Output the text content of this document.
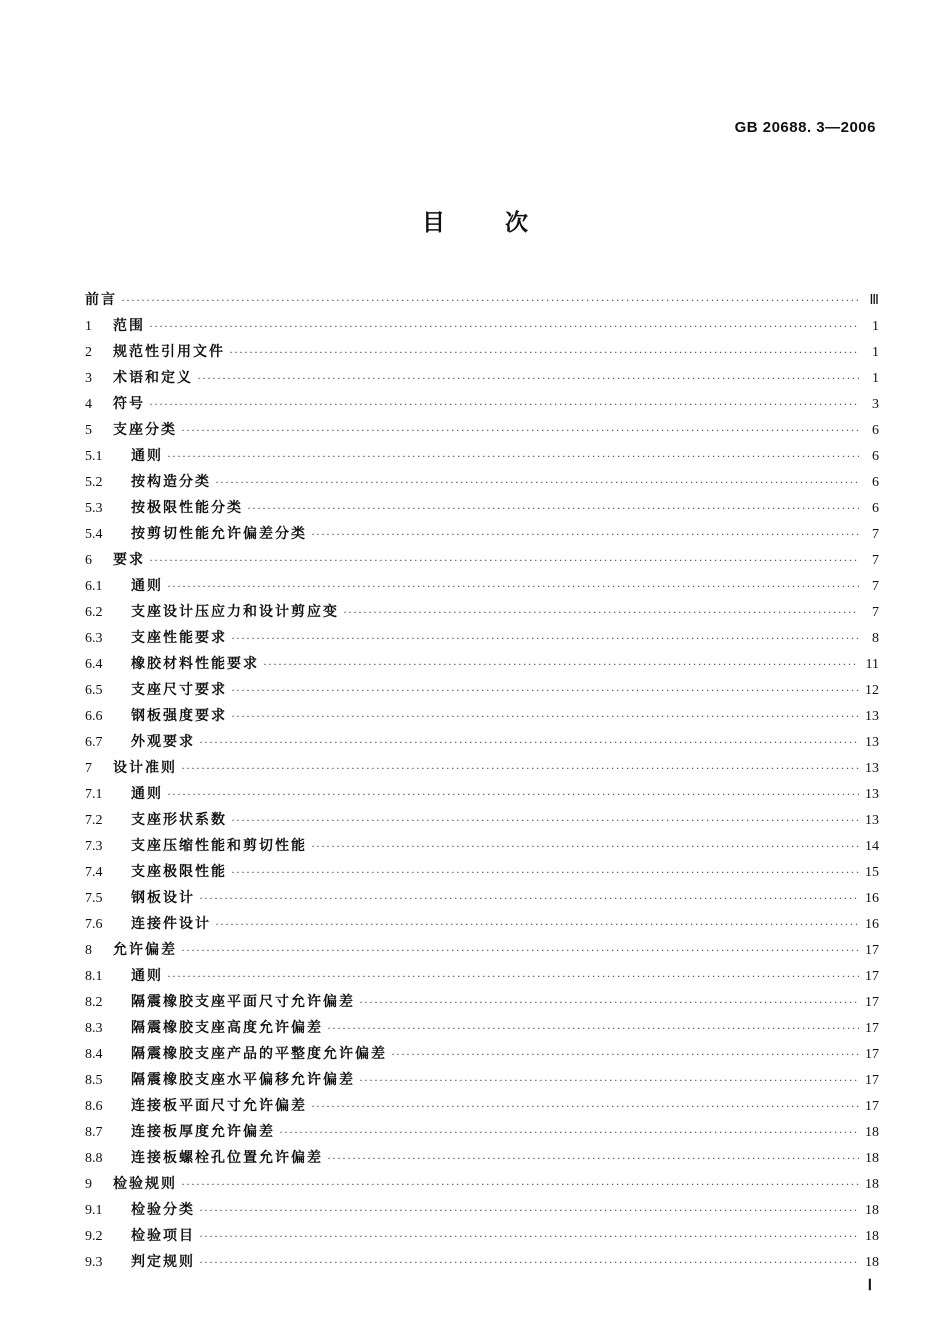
GB 20688. 3—2006
目	次
前言 ·····	Ⅲ
1	范围 ·····	1
2	规范性引用文件 ·····	1
3	术语和定义 ·····	1
4	符号 ·····	3
5	支座分类 ·····	6
5.1	通则 ·····	6
5.2	按构造分类 ·····	6
5.3	按极限性能分类 ·····	6
5.4	按剪切性能允许偏差分类 ·····	7
6	要求 ·····	7
6.1	通则 ·····	7
6.2	支座设计压应力和设计剪应变 ·····	7
6.3	支座性能要求 ·····	8
6.4	橡胶材料性能要求 ·····	11
6.5	支座尺寸要求 ·····	12
6.6	钢板强度要求 ·····	13
6.7	外观要求 ·····	13
7	设计准则 ·····	13
7.1	通则 ·····	13
7.2	支座形状系数 ·····	13
7.3	支座压缩性能和剪切性能 ·····	14
7.4	支座极限性能 ·····	15
7.5	钢板设计 ·····	16
7.6	连接件设计 ·····	16
8	允许偏差 ·····	17
8.1	通则 ·····	17
8.2	隔震橡胶支座平面尺寸允许偏差 ·····	17
8.3	隔震橡胶支座高度允许偏差 ·····	17
8.4	隔震橡胶支座产品的平整度允许偏差 ·····	17
8.5	隔震橡胶支座水平偏移允许偏差 ·····	17
8.6	连接板平面尺寸允许偏差 ·····	17
8.7	连接板厚度允许偏差 ·····	18
8.8	连接板螺栓孔位置允许偏差 ·····	18
9	检验规则 ·····	18
9.1	检验分类 ·····	18
9.2	检验项目 ·····	18
9.3	判定规则 ·····	18
Ⅰ
